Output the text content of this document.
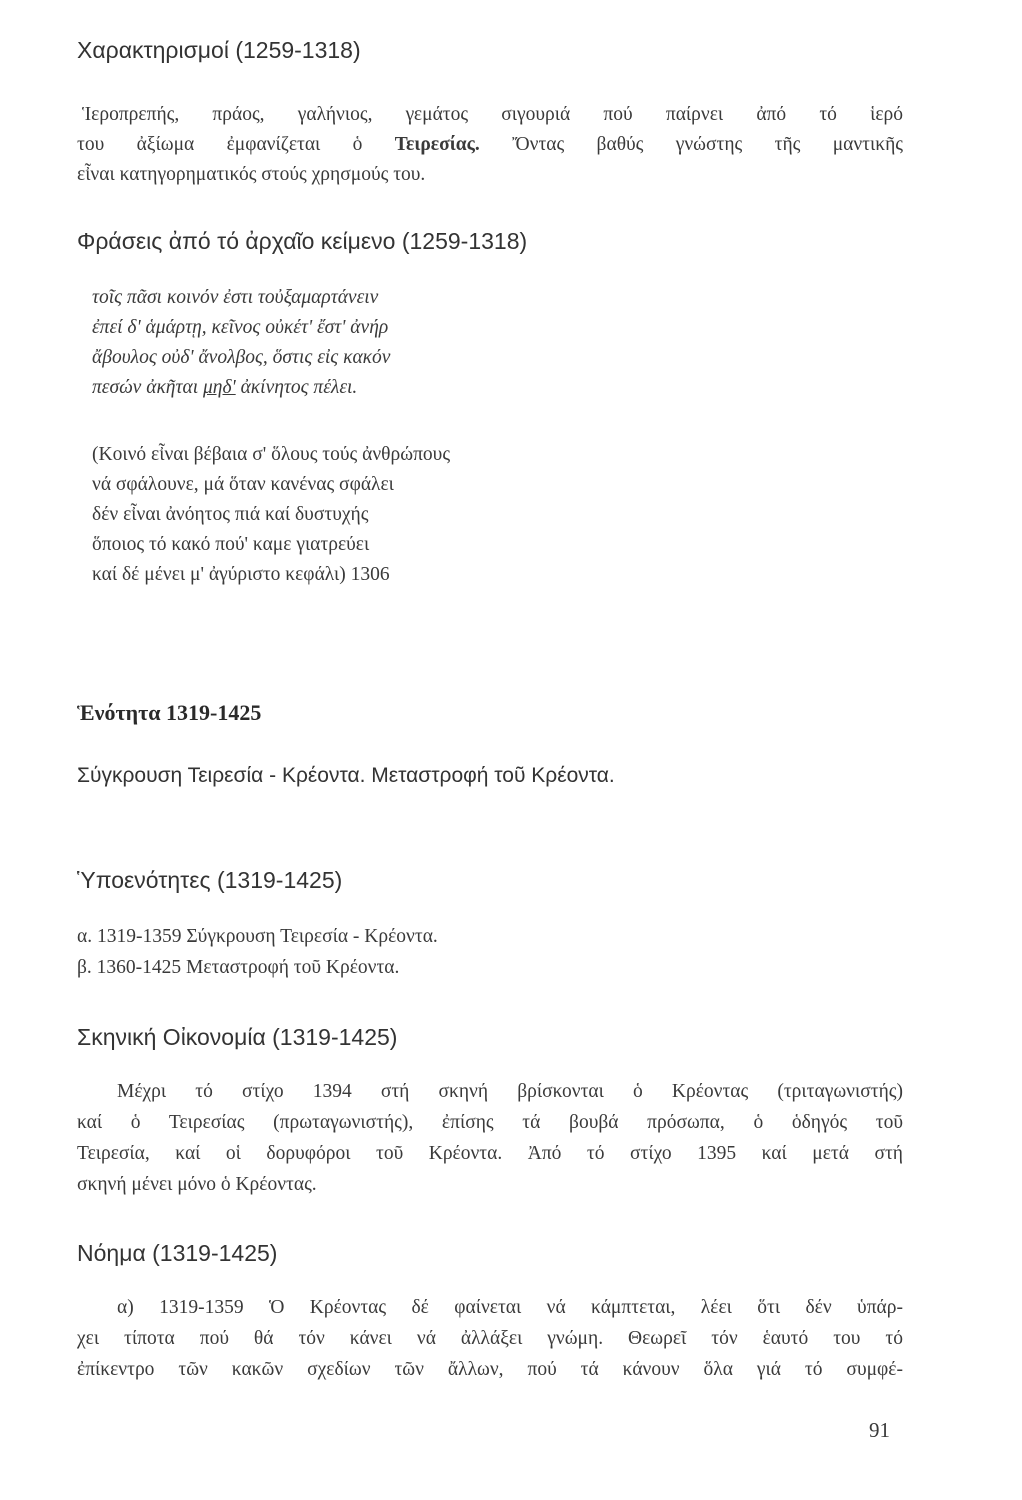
Χαρακτηρισμοί (1259-1318)
Ἱεροπρεπής, πράος, γαλήνιος, γεμάτος σιγουριά πού παίρνει ἀπό τό ἱερό
του ἀξίωμα ἐμφανίζεται ὁ Τειρεσίας. Ὄντας βαθύς γνώστης τῆς μαντικῆς
εἶναι κατηγορηματικός στούς χρησμούς του.
Φράσεις ἀπό τό ἀρχαῖο κείμενο (1259-1318)
τοῖς πᾶσι κοινόν ἐστι τοὐξαμαρτάνειν
ἐπεί δ' ἁμάρτῃ, κεῖνος οὐκέτ' ἔστ' ἀνήρ
ἄβουλος οὐδ' ἄνολβος, ὅστις εἰς κακόν
πεσών ἀκῆται μηδ' ἀκίνητος πέλει.
(Κοινό εἶναι βέβαια σ' ὅλους τούς ἀνθρώπους
νά σφάλουνε, μά ὅταν κανένας σφάλει
δέν εἶναι ἀνόητος πιά καί δυστυχής
ὅποιος τό κακό πού' καμε γιατρεύει
καί δέ μένει μ' ἀγύριστο κεφάλι) 1306
Ἑνότητα 1319-1425
Σύγκρουση Τειρεσία - Κρέοντα. Μεταστροφή τοῦ Κρέοντα.
Ὑποενότητες (1319-1425)
α. 1319-1359 Σύγκρουση Τειρεσία - Κρέοντα.
β. 1360-1425 Μεταστροφή τοῦ Κρέοντα.
Σκηνική Οἰκονομία (1319-1425)
Μέχρι τό στίχο 1394 στή σκηνή βρίσκονται ὁ Κρέοντας (τριταγωνιστής)
καί ὁ Τειρεσίας (πρωταγωνιστής), ἐπίσης τά βουβά πρόσωπα, ὁ ὁδηγός τοῦ
Τειρεσία, καί οἱ δορυφόροι τοῦ Κρέοντα. Ἀπό τό στίχο 1395 καί μετά στή
σκηνή μένει μόνο ὁ Κρέοντας.
Νόημα (1319-1425)
α) 1319-1359 Ὁ Κρέοντας δέ φαίνεται νά κάμπτεται, λέει ὅτι δέν ὑπάρ-
χει τίποτα πού θά τόν κάνει νά ἀλλάξει γνώμη. Θεωρεῖ τόν ἑαυτό του τό
ἐπίκεντρο τῶν κακῶν σχεδίων τῶν ἄλλων, πού τά κάνουν ὅλα γιά τό συμφέ-
91
